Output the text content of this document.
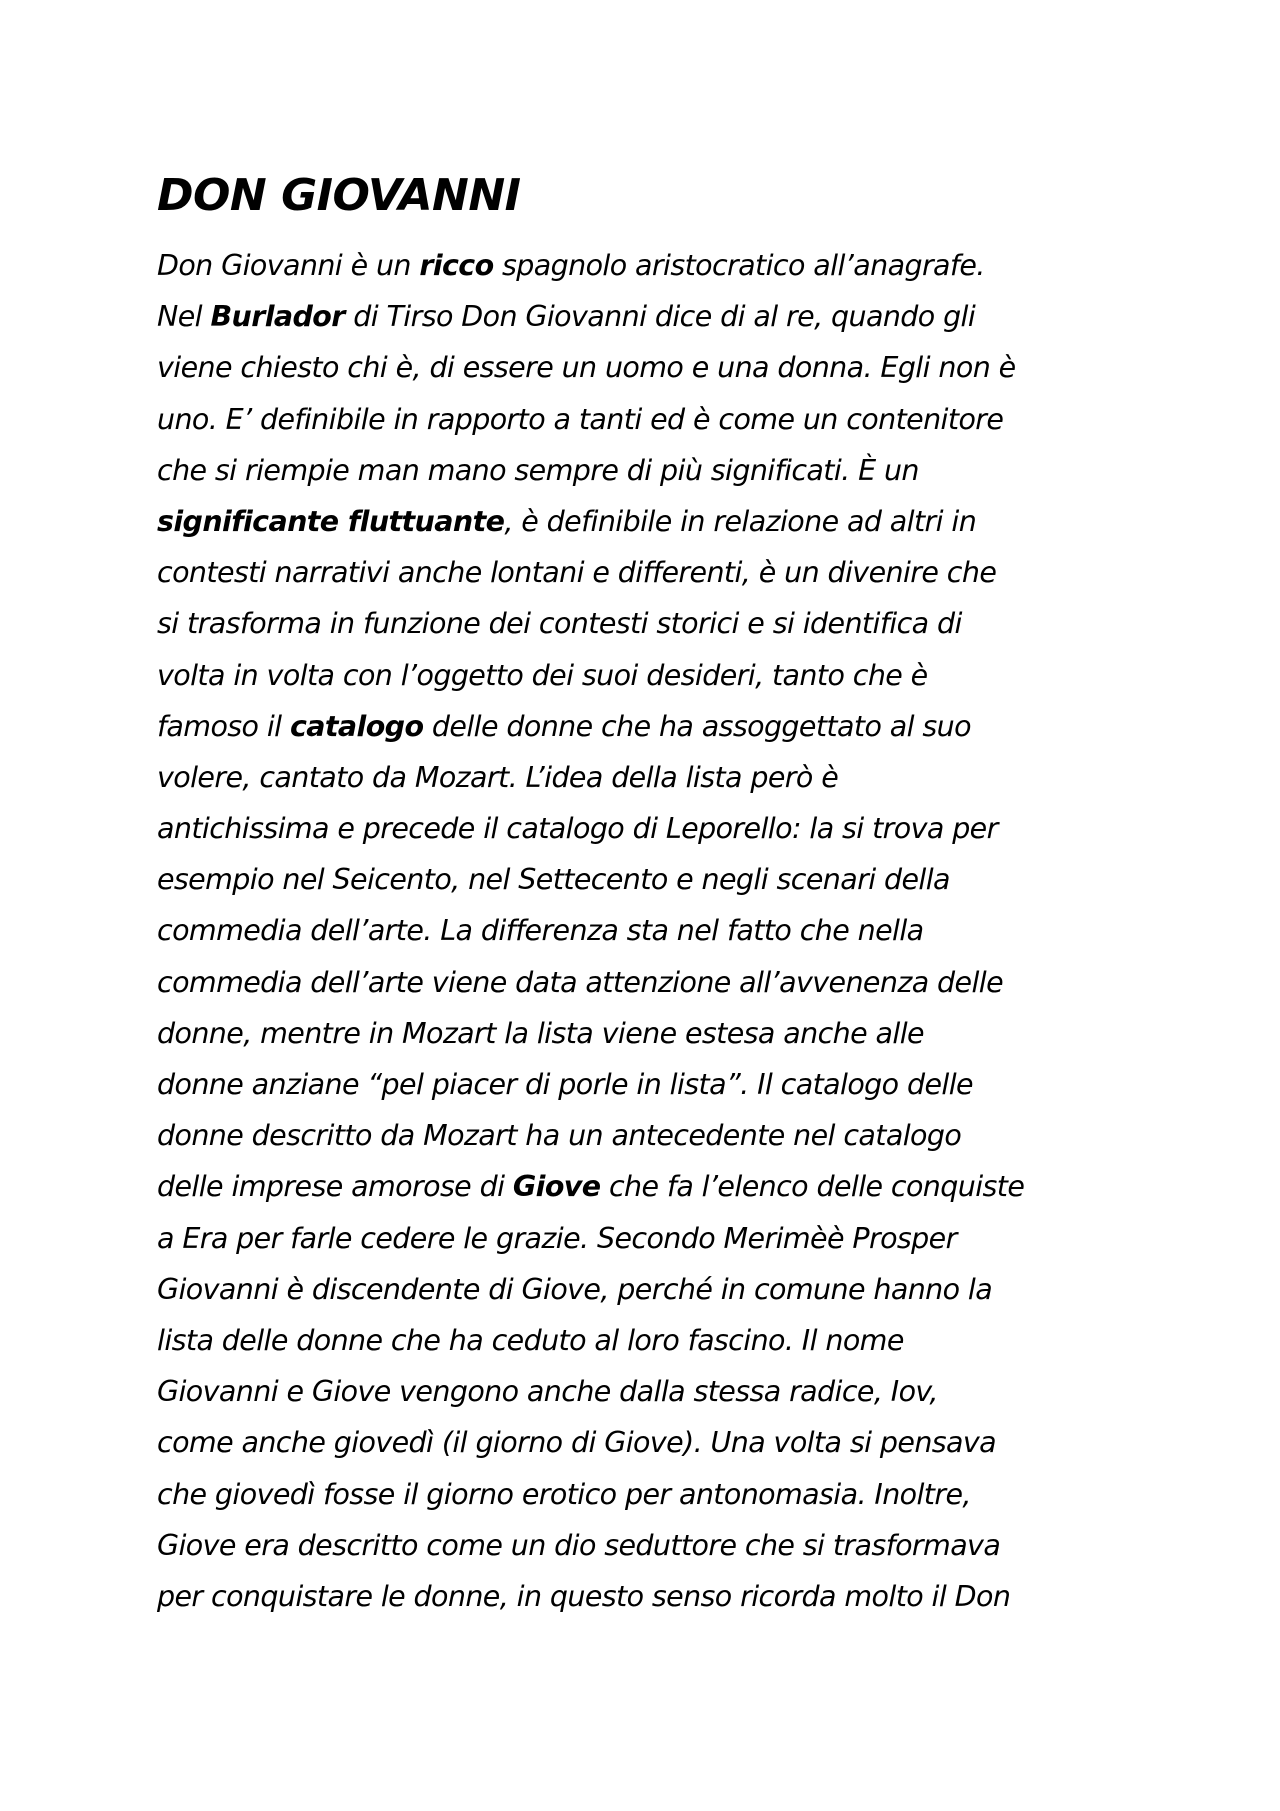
DON GIOVANNI
Don Giovanni è un ricco spagnolo aristocratico all’anagrafe.
Nel Burlador di Tirso Don Giovanni dice di al re, quando gli
viene chiesto chi è, di essere un uomo e una donna. Egli non è
uno. E’ definibile in rapporto a tanti ed è come un contenitore
che si riempie man mano sempre di più significati. È un
significante fluttuante, è definibile in relazione ad altri in
contesti narrativi anche lontani e differenti, è un divenire che
si trasforma in funzione dei contesti storici e si identifica di
volta in volta con l’oggetto dei suoi desideri, tanto che è
famoso il catalogo delle donne che ha assoggettato al suo
volere, cantato da Mozart. L’idea della lista però è
antichissima e precede il catalogo di Leporello: la si trova per
esempio nel Seicento, nel Settecento e negli scenari della
commedia dell’arte. La differenza sta nel fatto che nella
commedia dell’arte viene data attenzione all’avvenenza delle
donne, mentre in Mozart la lista viene estesa anche alle
donne anziane “pel piacer di porle in lista”. Il catalogo delle
donne descritto da Mozart ha un antecedente nel catalogo
delle imprese amorose di Giove che fa l’elenco delle conquiste
a Era per farle cedere le grazie. Secondo Merimèè Prosper
Giovanni è discendente di Giove, perché in comune hanno la
lista delle donne che ha ceduto al loro fascino. Il nome
Giovanni e Giove vengono anche dalla stessa radice, Iov,
come anche giovedì (il giorno di Giove). Una volta si pensava
che giovedì fosse il giorno erotico per antonomasia. Inoltre,
Giove era descritto come un dio seduttore che si trasformava
per conquistare le donne, in questo senso ricorda molto il Don
